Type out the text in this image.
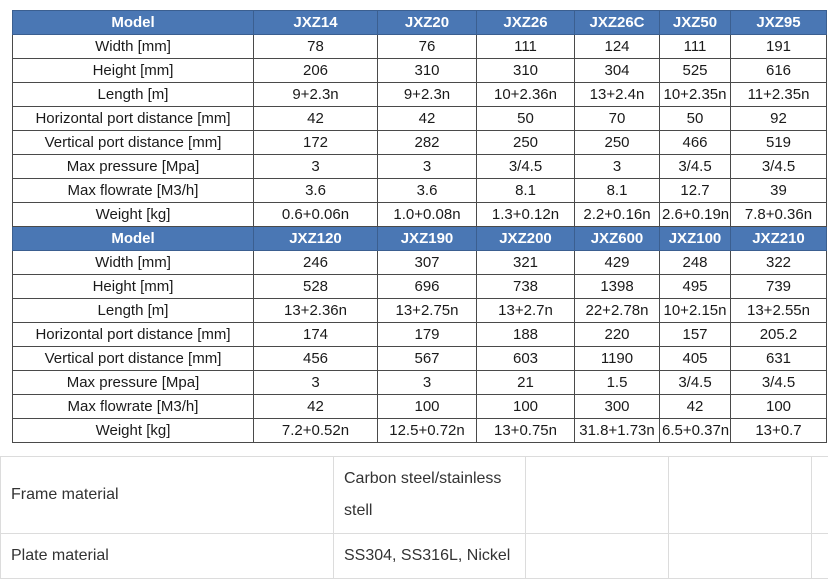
Model	JXZ14	JXZ20	JXZ26	JXZ26C	JXZ50	JXZ95
Width [mm]	78	76	111	124	111	191
Height [mm]	206	310	310	304	525	616
Length [m]	9+2.3n	9+2.3n	10+2.36n	13+2.4n	10+2.35n	11+2.35n
Horizontal port distance [mm]	42	42	50	70	50	92
Vertical port distance [mm]	172	282	250	250	466	519
Max pressure [Mpa]	3	3	3/4.5	3	3/4.5	3/4.5
Max flowrate [M3/h]	3.6	3.6	8.1	8.1	12.7	39
Weight [kg]	0.6+0.06n	1.0+0.08n	1.3+0.12n	2.2+0.16n	2.6+0.19n	7.8+0.36n
Model	JXZ120	JXZ190	JXZ200	JXZ600	JXZ100	JXZ210
Width [mm]	246	307	321	429	248	322
Height [mm]	528	696	738	1398	495	739
Length [m]	13+2.36n	13+2.75n	13+2.7n	22+2.78n	10+2.15n	13+2.55n
Horizontal port distance [mm]	174	179	188	220	157	205.2
Vertical port distance [mm]	456	567	603	1190	405	631
Max pressure [Mpa]	3	3	21	1.5	3/4.5	3/4.5
Max flowrate [M3/h]	42	100	100	300	42	100
Weight [kg]	7.2+0.52n	12.5+0.72n	13+0.75n	31.8+1.73n	6.5+0.37n	13+0.7
Frame material	Carbon steel/stainless
stell			

Plate material	SS304, SS316L, Nickel			
